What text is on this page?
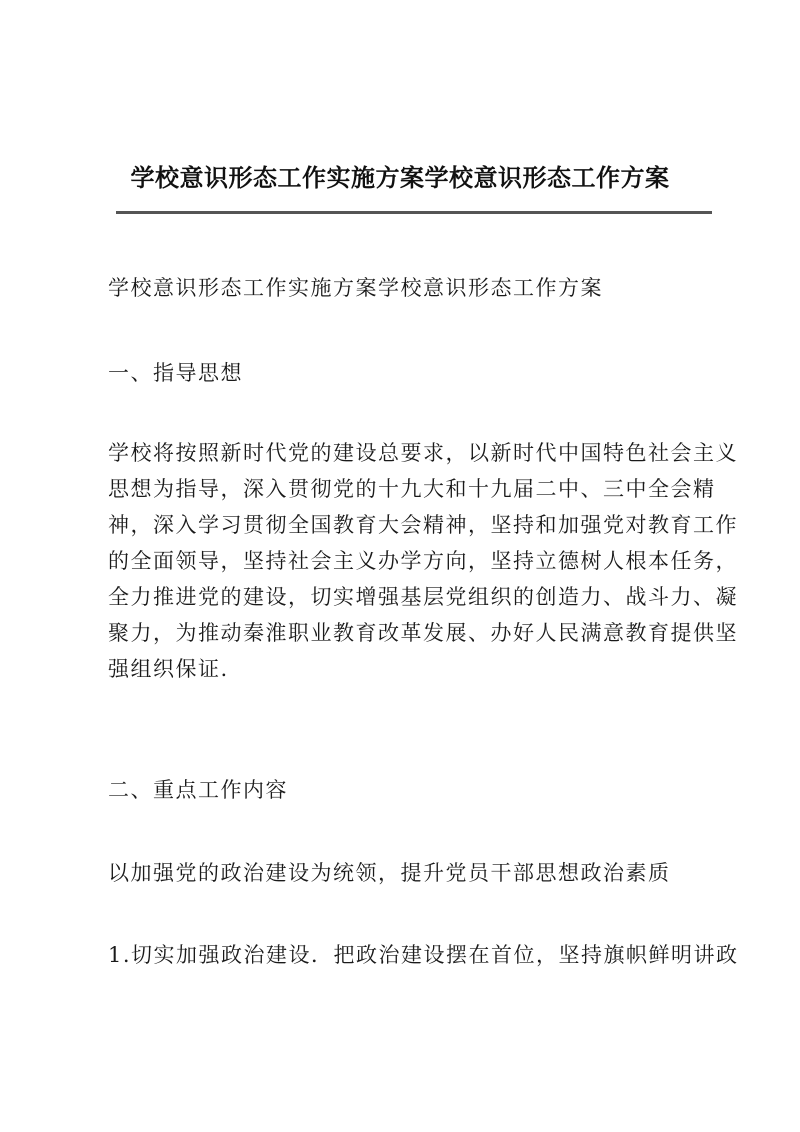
学校意识形态工作实施方案学校意识形态工作方案

学校意识形态工作实施方案学校意识形态工作方案

一、指导思想

学校将按照新时代党的建设总要求，以新时代中国特色社会主义
思想为指导，深入贯彻党的十九大和十九届二中、三中全会精
神，深入学习贯彻全国教育大会精神，坚持和加强党对教育工作
的全面领导，坚持社会主义办学方向，坚持立德树人根本任务，
全力推进党的建设，切实增强基层党组织的创造力、战斗力、凝
聚力，为推动秦淮职业教育改革发展、办好人民满意教育提供坚
强组织保证.

二、重点工作内容

以加强党的政治建设为统领，提升党员干部思想政治素质

1.切实加强政治建设．把政治建设摆在首位，坚持旗帜鲜明讲政
